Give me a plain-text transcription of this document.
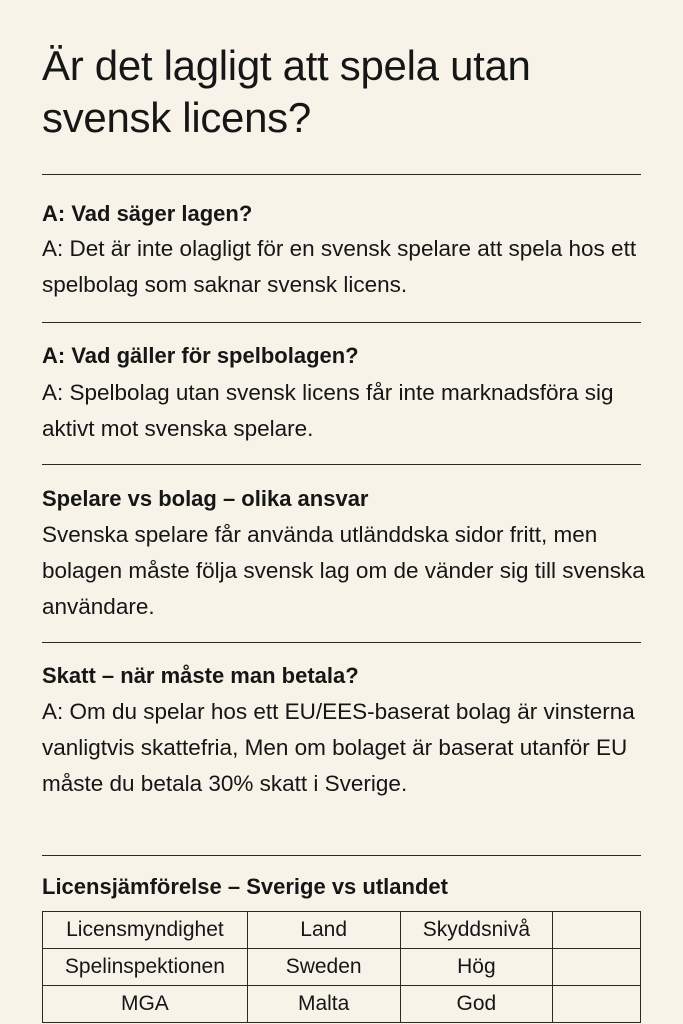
Är det lagligt att spela utan svensk licens?
A: Vad säger lagen?
A: Det är inte olagligt för en svensk spelare att spela hos ett spelbolag som saknar svensk licens.
A: Vad gäller för spelbolagen?
A: Spelbolag utan svensk licens får inte marknadsföra sig aktivt mot svenska spelare.
Spelare vs bolag – olika ansvar
Svenska spelare får använda utländdska sidor fritt, men bolagen måste följa svensk lag om de vänder sig till svenska användare.
Skatt – när måste man betala?
A: Om du spelar hos ett EU/EES-baserat bolag är vinsterna vanligtvis skattefria, Men om bolaget är baserat utanför EU måste du betala 30% skatt i Sverige.
Licensjämförelse – Sverige vs utlandet
Licensmyndighet	Land	Skyddsnivå	
Spelinspektionen	Sweden	Hög	
MGA	Malta	God	
